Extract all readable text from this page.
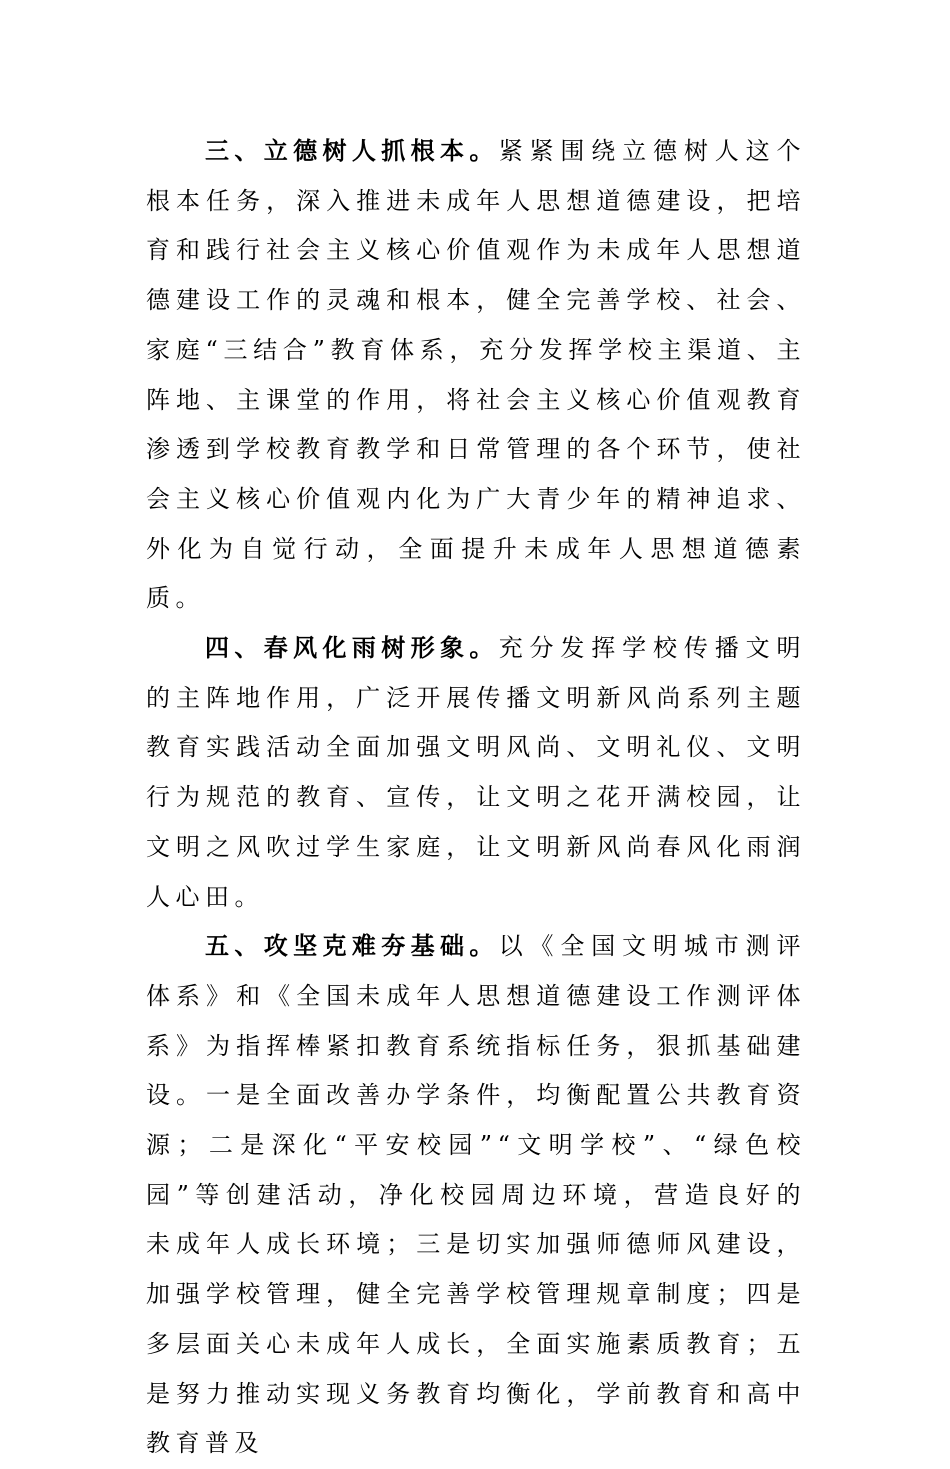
三、立德树人抓根本。紧紧围绕立德树人这个根本任务，深入推进未成年人思想道德建设，把培育和践行社会主义核心价值观作为未成年人思想道德建设工作的灵魂和根本，健全完善学校、社会、家庭“三结合”教育体系，充分发挥学校主渠道、主阵地、主课堂的作用，将社会主义核心价值观教育渗透到学校教育教学和日常管理的各个环节，使社会主义核心价值观内化为广大青少年的精神追求、外化为自觉行动，全面提升未成年人思想道德素质。

四、春风化雨树形象。充分发挥学校传播文明的主阵地作用，广泛开展传播文明新风尚系列主题教育实践活动全面加强文明风尚、文明礼仪、文明行为规范的教育、宣传，让文明之花开满校园，让文明之风吹过学生家庭，让文明新风尚春风化雨润人心田。

五、攻坚克难夯基础。以《全国文明城市测评体系》和《全国未成年人思想道德建设工作测评体系》为指挥棒紧扣教育系统指标任务，狠抓基础建设。一是全面改善办学条件，均衡配置公共教育资源；二是深化“平安校园”“文明学校”、“绿色校园”等创建活动，净化校园周边环境，营造良好的未成年人成长环境；三是切实加强师德师风建设，加强学校管理，健全完善学校管理规章制度；四是多层面关心未成年人成长，全面实施素质教育；五是努力推动实现义务教育均衡化，学前教育和高中教育普及
